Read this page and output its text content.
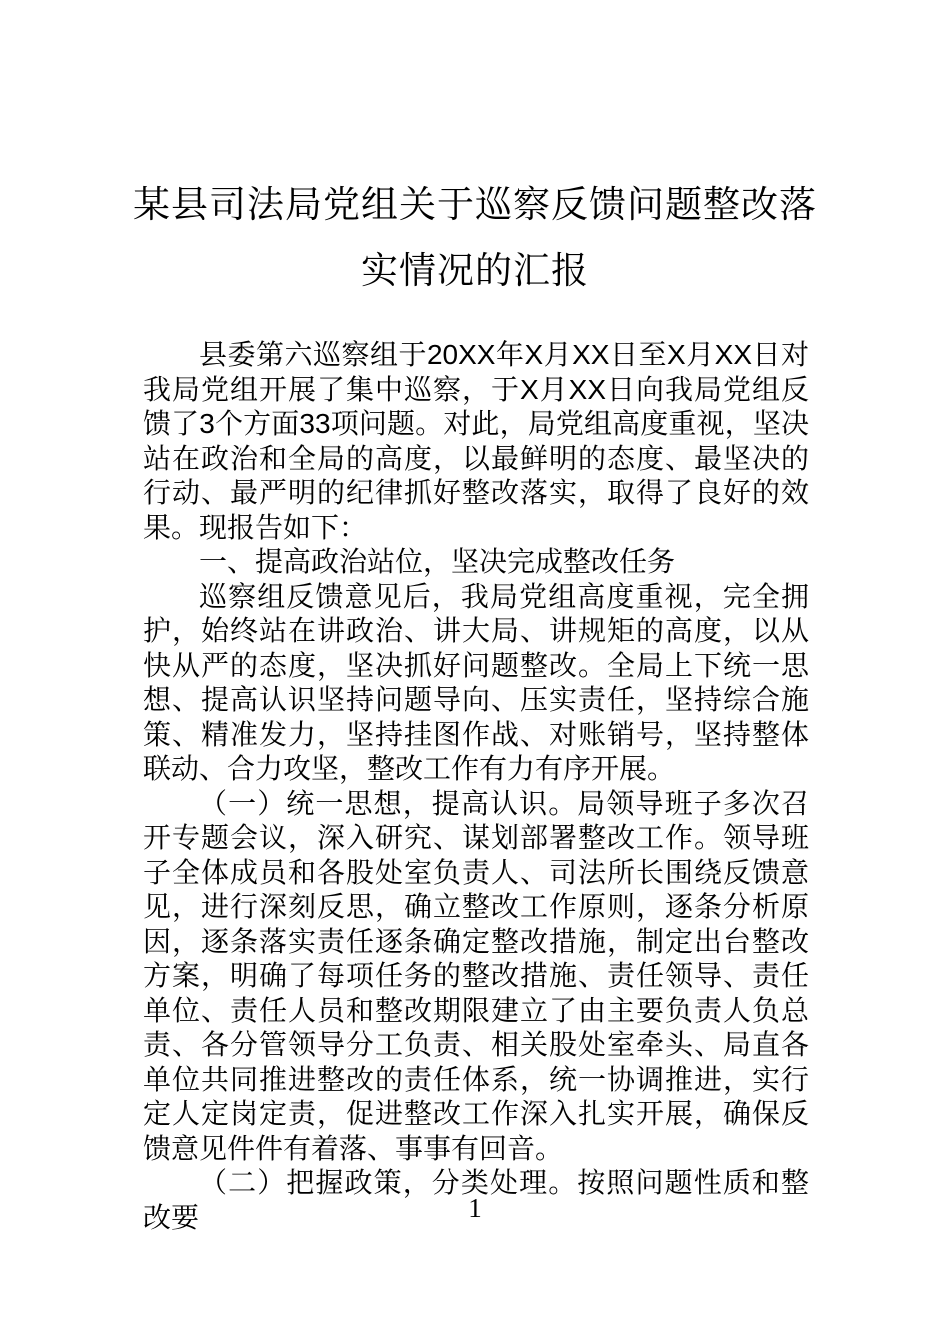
某县司法局党组关于巡察反馈问题整改落
实情况的汇报

县委第六巡察组于20XX年X月XX日至X月XX日对我局党组开展了集中巡察，于X月XX日向我局党组反馈了3个方面33项问题。对此，局党组高度重视，坚决站在政治和全局的高度，以最鲜明的态度、最坚决的行动、最严明的纪律抓好整改落实，取得了良好的效果。现报告如下：

一、提高政治站位，坚决完成整改任务

巡察组反馈意见后，我局党组高度重视，完全拥护，始终站在讲政治、讲大局、讲规矩的高度，以从快从严的态度，坚决抓好问题整改。全局上下统一思想、提高认识坚持问题导向、压实责任，坚持综合施策、精准发力，坚持挂图作战、对账销号，坚持整体联动、合力攻坚，整改工作有力有序开展。

（一）统一思想，提高认识。局领导班子多次召开专题会议，深入研究、谋划部署整改工作。领导班子全体成员和各股处室负责人、司法所长围绕反馈意见，进行深刻反思，确立整改工作原则，逐条分析原因，逐条落实责任逐条确定整改措施，制定出台整改方案，明确了每项任务的整改措施、责任领导、责任单位、责任人员和整改期限建立了由主要负责人负总责、各分管领导分工负责、相关股处室牵头、局直各单位共同推进整改的责任体系，统一协调推进，实行定人定岗定责，促进整改工作深入扎实开展，确保反馈意见件件有着落、事事有回音。

（二）把握政策，分类处理。按照问题性质和整改要	1
